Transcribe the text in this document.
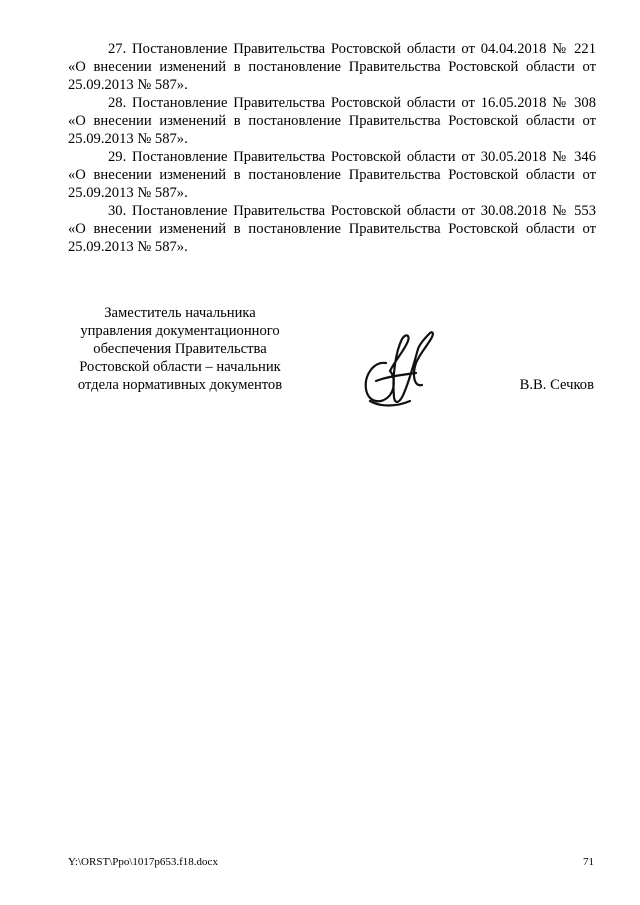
27. Постановление Правительства Ростовской области от 04.04.2018 № 221 «О внесении изменений в постановление Правительства Ростовской области от 25.09.2013 № 587».

28. Постановление Правительства Ростовской области от 16.05.2018 № 308 «О внесении изменений в постановление Правительства Ростовской области от 25.09.2013 № 587».

29. Постановление Правительства Ростовской области от 30.05.2018 № 346 «О внесении изменений в постановление Правительства Ростовской области от 25.09.2013 № 587».

30. Постановление Правительства Ростовской области от 30.08.2018 № 553 «О внесении изменений в постановление Правительства Ростовской области от 25.09.2013 № 587».

Заместитель начальника
управления документационного
обеспечения Правительства
Ростовской области – начальник
отдела нормативных документов	В.В. Сечков
Y:\ORST\Ppo\1017p653.f18.docx	71
